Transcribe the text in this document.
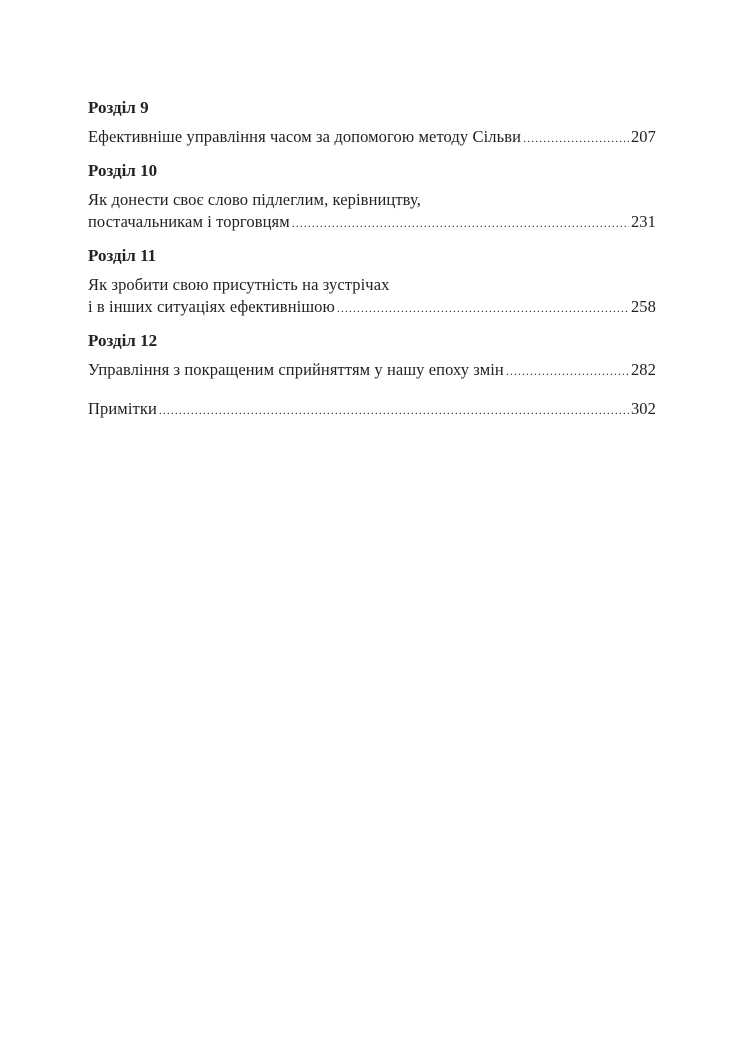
Розділ 9
Ефективніше управління часом за допомогою методу Сільви .....	207
Розділ 10
Як донести своє слово підлеглим, керівництву,
постачальникам і торговцям .....	231
Розділ 11
Як зробити свою присутність на зустрічах
і в інших ситуаціях ефективнішою .....	258
Розділ 12
Управління з покращеним сприйняттям у нашу епоху змін .....	282
Примітки .....	302
